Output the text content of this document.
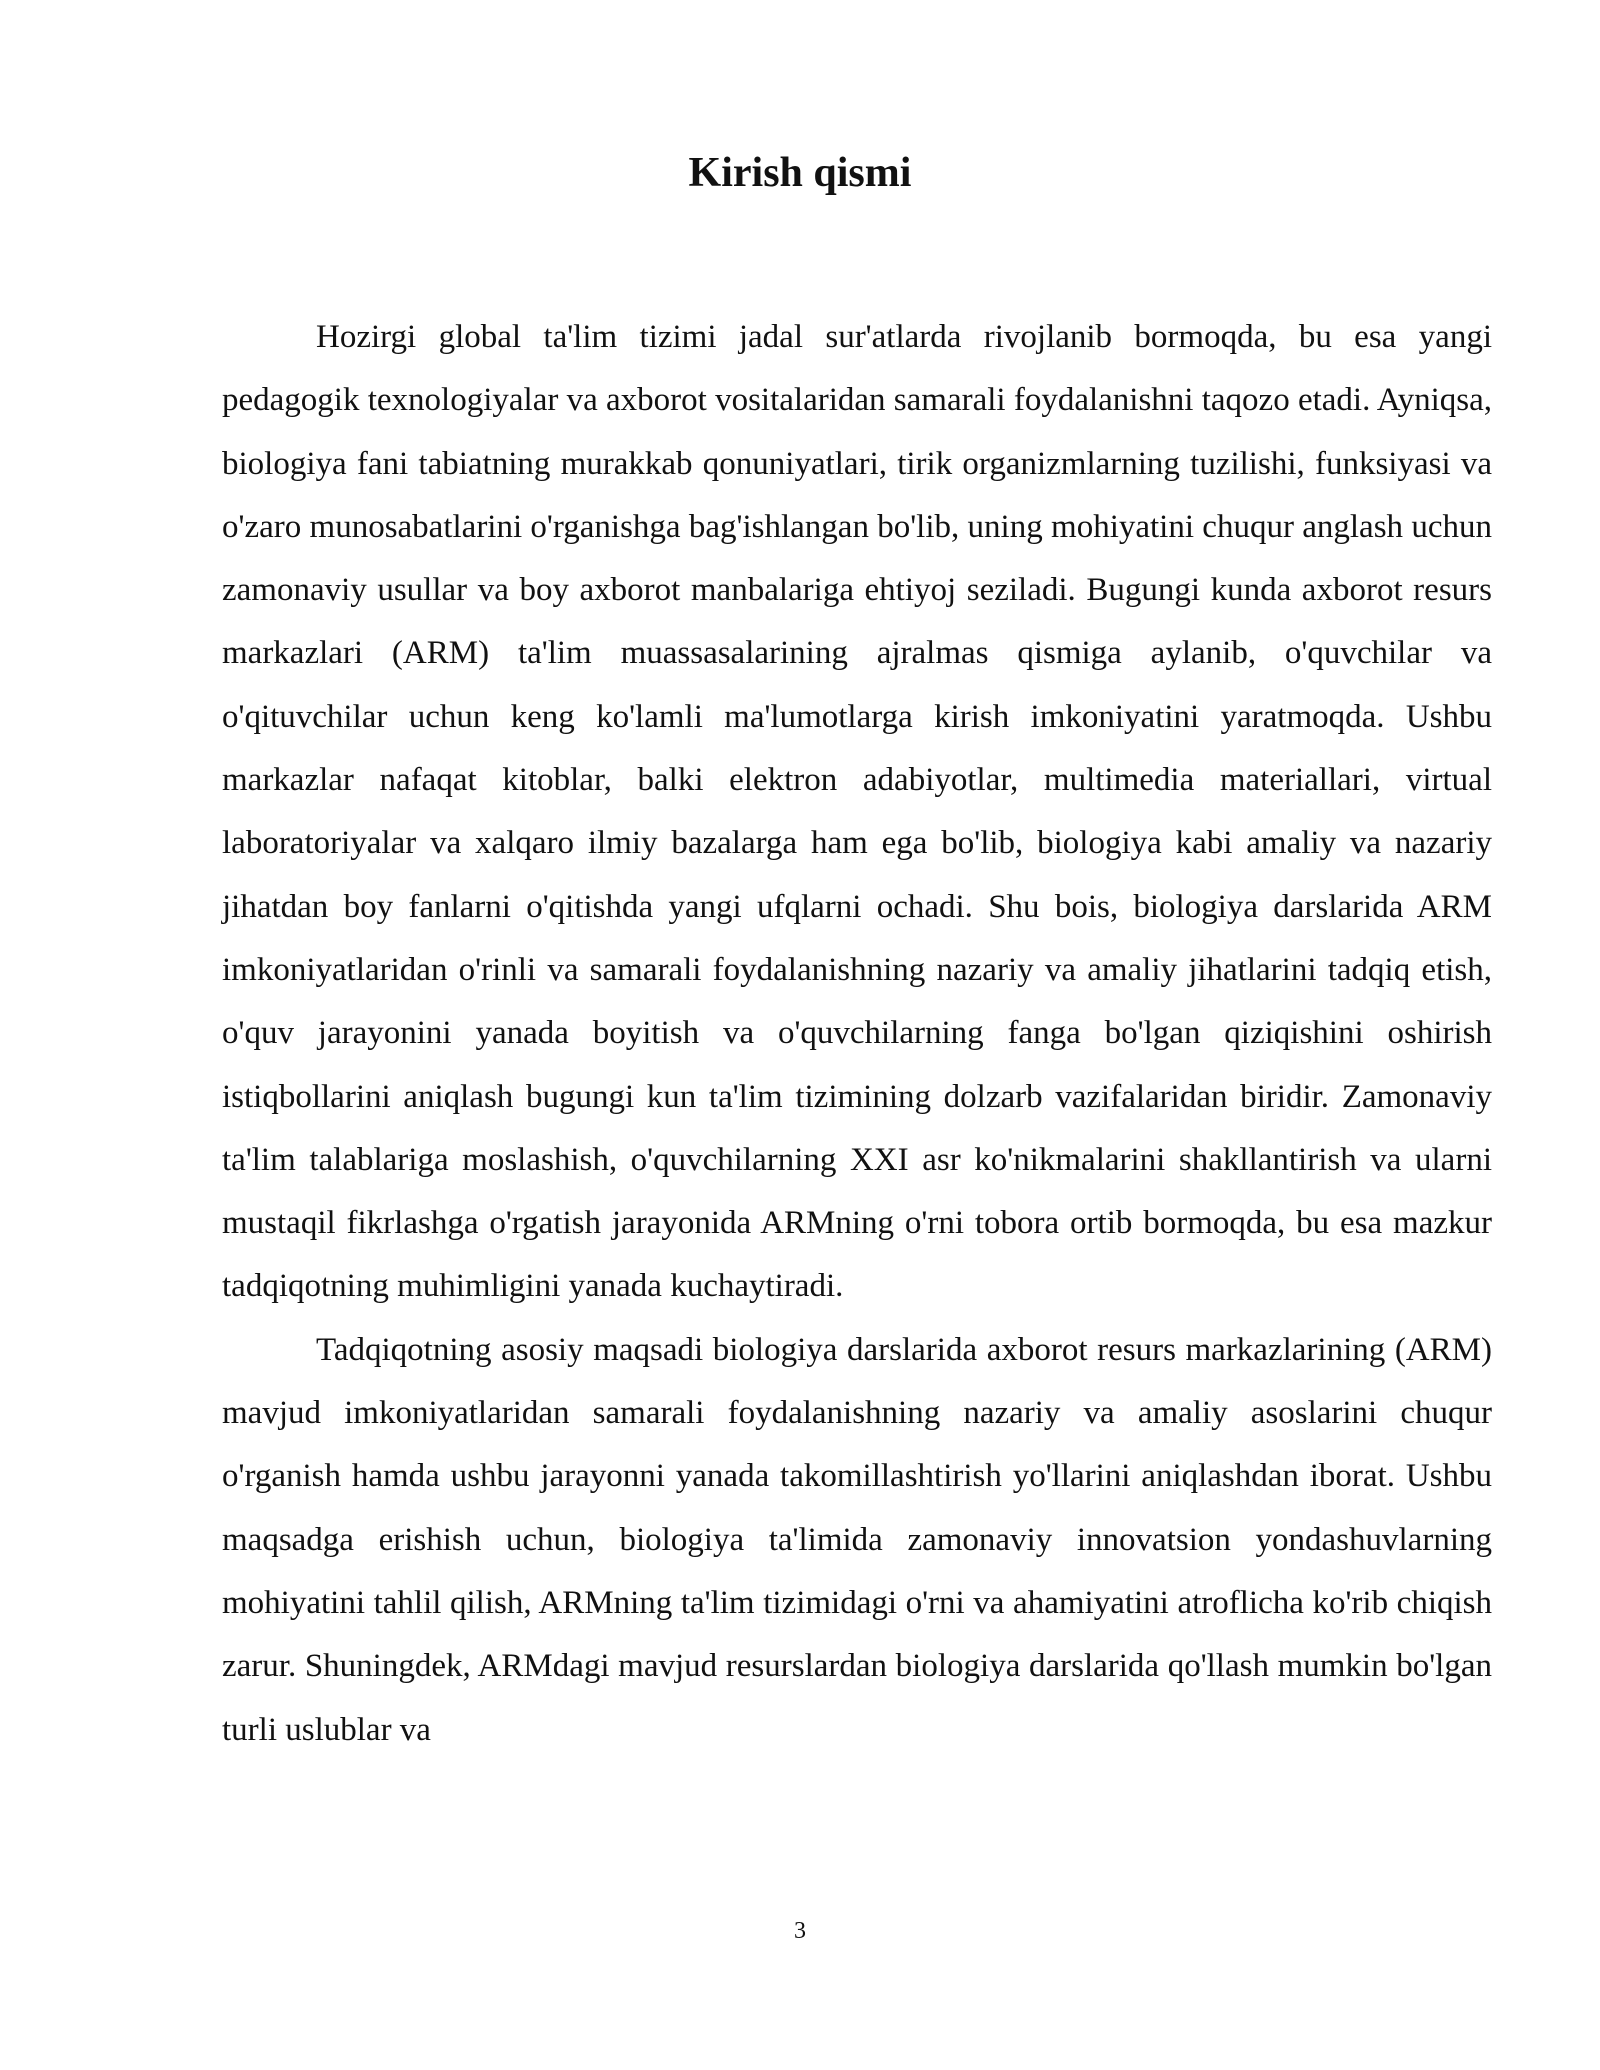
Kirish qismi

Hozirgi global ta'lim tizimi jadal sur'atlarda rivojlanib bormoqda, bu esa yangi pedagogik texnologiyalar va axborot vositalaridan samarali foydalanishni taqozo etadi. Ayniqsa, biologiya fani tabiatning murakkab qonuniyatlari, tirik organizmlarning tuzilishi, funksiyasi va o'zaro munosabatlarini o'rganishga bag'ishlangan bo'lib, uning mohiyatini chuqur anglash uchun zamonaviy usullar va boy axborot manbalariga ehtiyoj seziladi. Bugungi kunda axborot resurs markazlari (ARM) ta'lim muassasalarining ajralmas qismiga aylanib, o'quvchilar va o'qituvchilar uchun keng ko'lamli ma'lumotlarga kirish imkoniyatini yaratmoqda. Ushbu markazlar nafaqat kitoblar, balki elektron adabiyotlar, multimedia materiallari, virtual laboratoriyalar va xalqaro ilmiy bazalarga ham ega bo'lib, biologiya kabi amaliy va nazariy jihatdan boy fanlarni o'qitishda yangi ufqlarni ochadi. Shu bois, biologiya darslarida ARM imkoniyatlaridan o'rinli va samarali foydalanishning nazariy va amaliy jihatlarini tadqiq etish, o'quv jarayonini yanada boyitish va o'quvchilarning fanga bo'lgan qiziqishini oshirish istiqbollarini aniqlash bugungi kun ta'lim tizimining dolzarb vazifalaridan biridir. Zamonaviy ta'lim talablariga moslashish, o'quvchilarning XXI asr ko'nikmalarini shakllantirish va ularni mustaqil fikrlashga o'rgatish jarayonida ARMning o'rni tobora ortib bormoqda, bu esa mazkur tadqiqotning muhimligini yanada kuchaytiradi.

Tadqiqotning asosiy maqsadi biologiya darslarida axborot resurs markazlarining (ARM) mavjud imkoniyatlaridan samarali foydalanishning nazariy va amaliy asoslarini chuqur o'rganish hamda ushbu jarayonni yanada takomillashtirish yo'llarini aniqlashdan iborat. Ushbu maqsadga erishish uchun, biologiya ta'limida zamonaviy innovatsion yondashuvlarning mohiyatini tahlil qilish, ARMning ta'lim tizimidagi o'rni va ahamiyatini atroflicha ko'rib chiqish zarur. Shuningdek, ARMdagi mavjud resurslardan biologiya darslarida qo'llash mumkin bo'lgan turli uslublar va

3
